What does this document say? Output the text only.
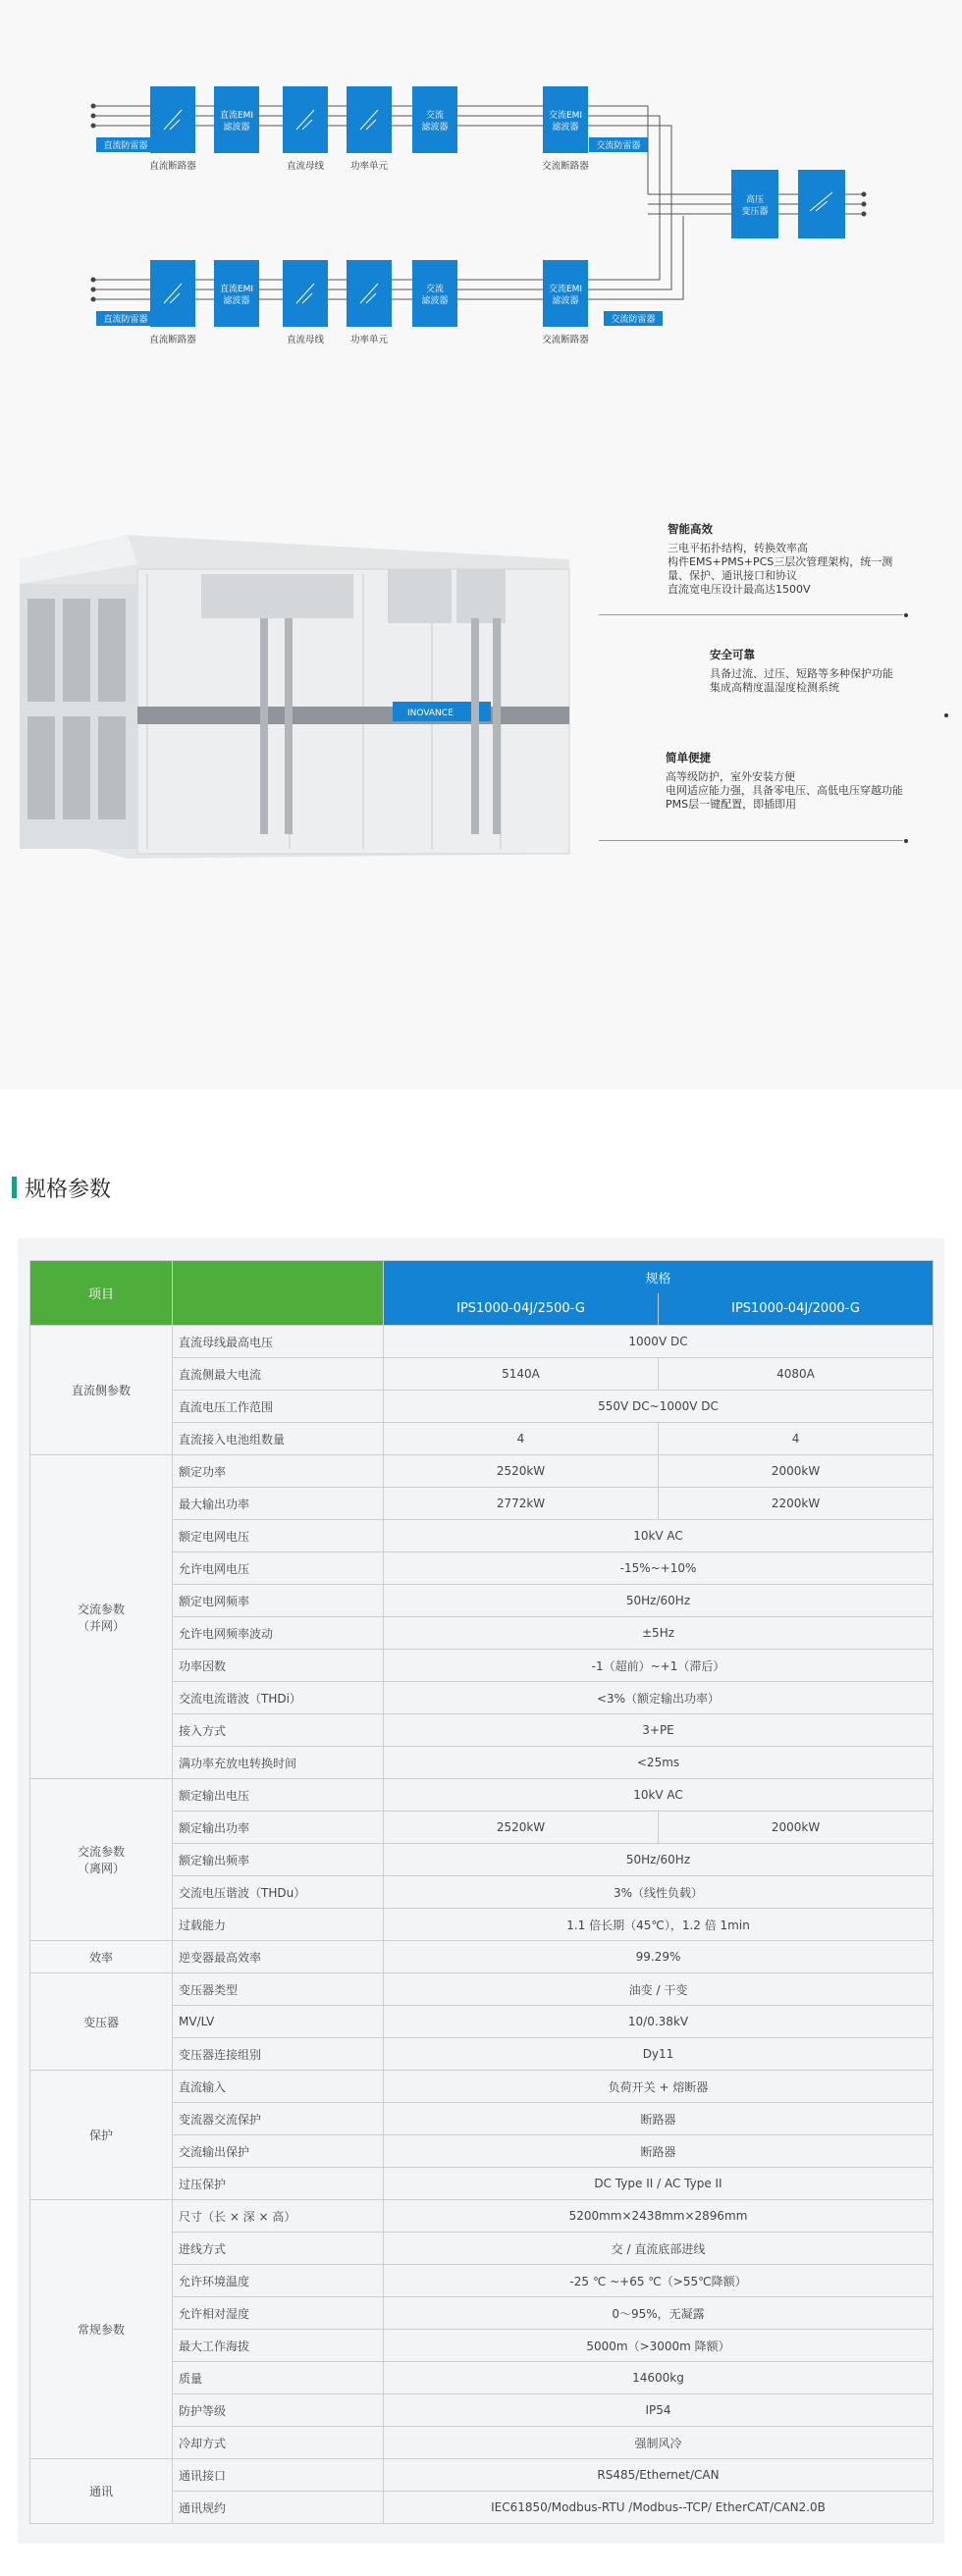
直流EMI
滤波器
交流
滤波器
交流EMI
滤波器
直流断路器	直流母线	功率单元	交流断路器
直流防雷器	交流防雷器
直流EMI
滤波器
交流
滤波器
交流EMI
滤波器
直流断路器	直流母线	功率单元	交流断路器
直流防雷器	交流防雷器
高压
变压器
INOVANCE
智能高效
三电平拓扑结构，转换效率高
构件EMS+PMS+PCS三层次管理架构，统一测量、保护、通讯接口和协议
直流宽电压设计最高达1500V
安全可靠
具备过流、过压、短路等多种保护功能
集成高精度温湿度检测系统
简单便捷
高等级防护，室外安装方便
电网适应能力强，具备零电压、高低电压穿越功能
PMS层一键配置，即插即用
规格参数
项目		规格	
		IPS1000-04J/2500-G	IPS1000-04J/2000-G
直流侧参数	直流母线最高电压	1000V DC	
	直流侧最大电流	5140A	4080A
	直流电压工作范围	550V DC~1000V DC	
	直流接入电池组数量	4	4
交流参数
（并网）	额定功率	2520kW	2000kW
	最大输出功率	2772kW	2200kW
	额定电网电压	10kV AC	
	允许电网电压	-15%~+10%	
	额定电网频率	50Hz/60Hz	
	允许电网频率波动	±5Hz	
	功率因数	-1（超前）~+1（滞后）	
	交流电流谐波（THDi）	<3%（额定输出功率）	
	接入方式	3+PE	
	满功率充放电转换时间	<25ms	
交流参数
（离网）	额定输出电压	10kV AC	
	额定输出功率	2520kW	2000kW
	额定输出频率	50Hz/60Hz	
	交流电压谐波（THDu）	3%（线性负载）	
	过载能力	1.1 倍长期（45℃），1.2 倍 1min	
效率	逆变器最高效率	99.29%	
变压器	变压器类型	油变 / 干变	
	MV/LV	10/0.38kV	
	变压器连接组别	Dy11	
保护	直流输入	负荷开关 + 熔断器	
	变流器交流保护	断路器	
	交流输出保护	断路器	
	过压保护	DC Type II / AC Type II	
常规参数	尺寸（长 × 深 × 高）	5200mm×2438mm×2896mm	
	进线方式	交 / 直流底部进线	
	允许环境温度	-25 ℃ ~+65 ℃（>55℃降额）	
	允许相对湿度	0～95%，无凝露	
	最大工作海拔	5000m（>3000m 降额）	
	质量	14600kg	
	防护等级	IP54	
	冷却方式	强制风冷	
通讯	通讯接口	RS485/Ethernet/CAN	
	通讯规约	IEC61850/Modbus-RTU /Modbus--TCP/ EtherCAT/CAN2.0B	
